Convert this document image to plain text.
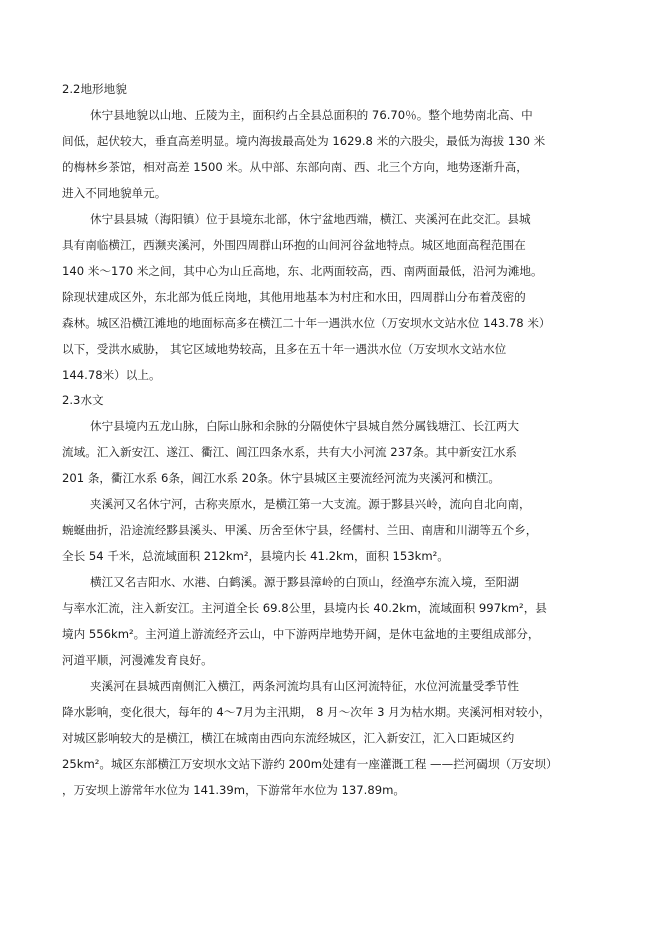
2.2地形地貌
休宁县地貌以山地、丘陵为主，面积约占全县总面积的 76.70％。整个地势南北高、中
间低，起伏较大，垂直高差明显。境内海拔最高处为 1629.8 米的六股尖，最低为海拔 130 米
的梅林乡茶馆，相对高差 1500 米。从中部、东部向南、西、北三个方向，地势逐渐升高，
进入不同地貌单元。
休宁县县城（海阳镇）位于县境东北部，休宁盆地西端，横江、夹溪河在此交汇。县城
具有南临横江，西濒夹溪河，外围四周群山环抱的山间河谷盆地特点。城区地面高程范围在
140 米～170 米之间，其中心为山丘高地，东、北两面较高，西、南两面最低，沿河为滩地。
除现状建成区外，东北部为低丘岗地，其他用地基本为村庄和水田，四周群山分布着茂密的
森林。城区沿横江滩地的地面标高多在横江二十年一遇洪水位（万安坝水文站水位 143.78 米）
以下，受洪水威胁， 其它区域地势较高，且多在五十年一遇洪水位（万安坝水文站水位
144.78米）以上。
2.3水文
休宁县境内五龙山脉，白际山脉和余脉的分隔使休宁县城自然分属钱塘江、长江两大
流域。汇入新安江、遂江、衢江、阊江四条水系，共有大小河流 237条。其中新安江水系
201 条，衢江水系 6条，阊江水系 20条。休宁县城区主要流经河流为夹溪河和横江。
夹溪河又名休宁河，古称夹原水，是横江第一大支流。源于黟县兴岭，流向自北向南，
蜿蜒曲折，沿途流经黟县溪头、甲溪、历舍至休宁县，经儒村、兰田、南唐和川湖等五个乡，
全长 54 千米，总流域面积 212km²，县境内长 41.2km，面积 153km²。
横江又名吉阳水、水港、白鹤溪。源于黟县漳岭的白顶山，经渔亭东流入境，至阳湖
与率水汇流，注入新安江。主河道全长 69.8公里，县境内长 40.2km，流域面积 997km²，县
境内 556km²。主河道上游流经齐云山，中下游两岸地势开阔，是休屯盆地的主要组成部分，
河道平顺，河漫滩发育良好。
夹溪河在县城西南侧汇入横江，两条河流均具有山区河流特征，水位河流量受季节性
降水影响，变化很大，每年的 4～7月为主汛期， 8 月～次年 3 月为枯水期。夹溪河相对较小，
对城区影响较大的是横江，横江在城南由西向东流经城区，汇入新安江，汇入口距城区约
25km²。城区东部横江万安坝水文站下游约 200m处建有一座灌溉工程 ——拦河碣坝（万安坝）
，万安坝上游常年水位为 141.39m，下游常年水位为 137.89m。
